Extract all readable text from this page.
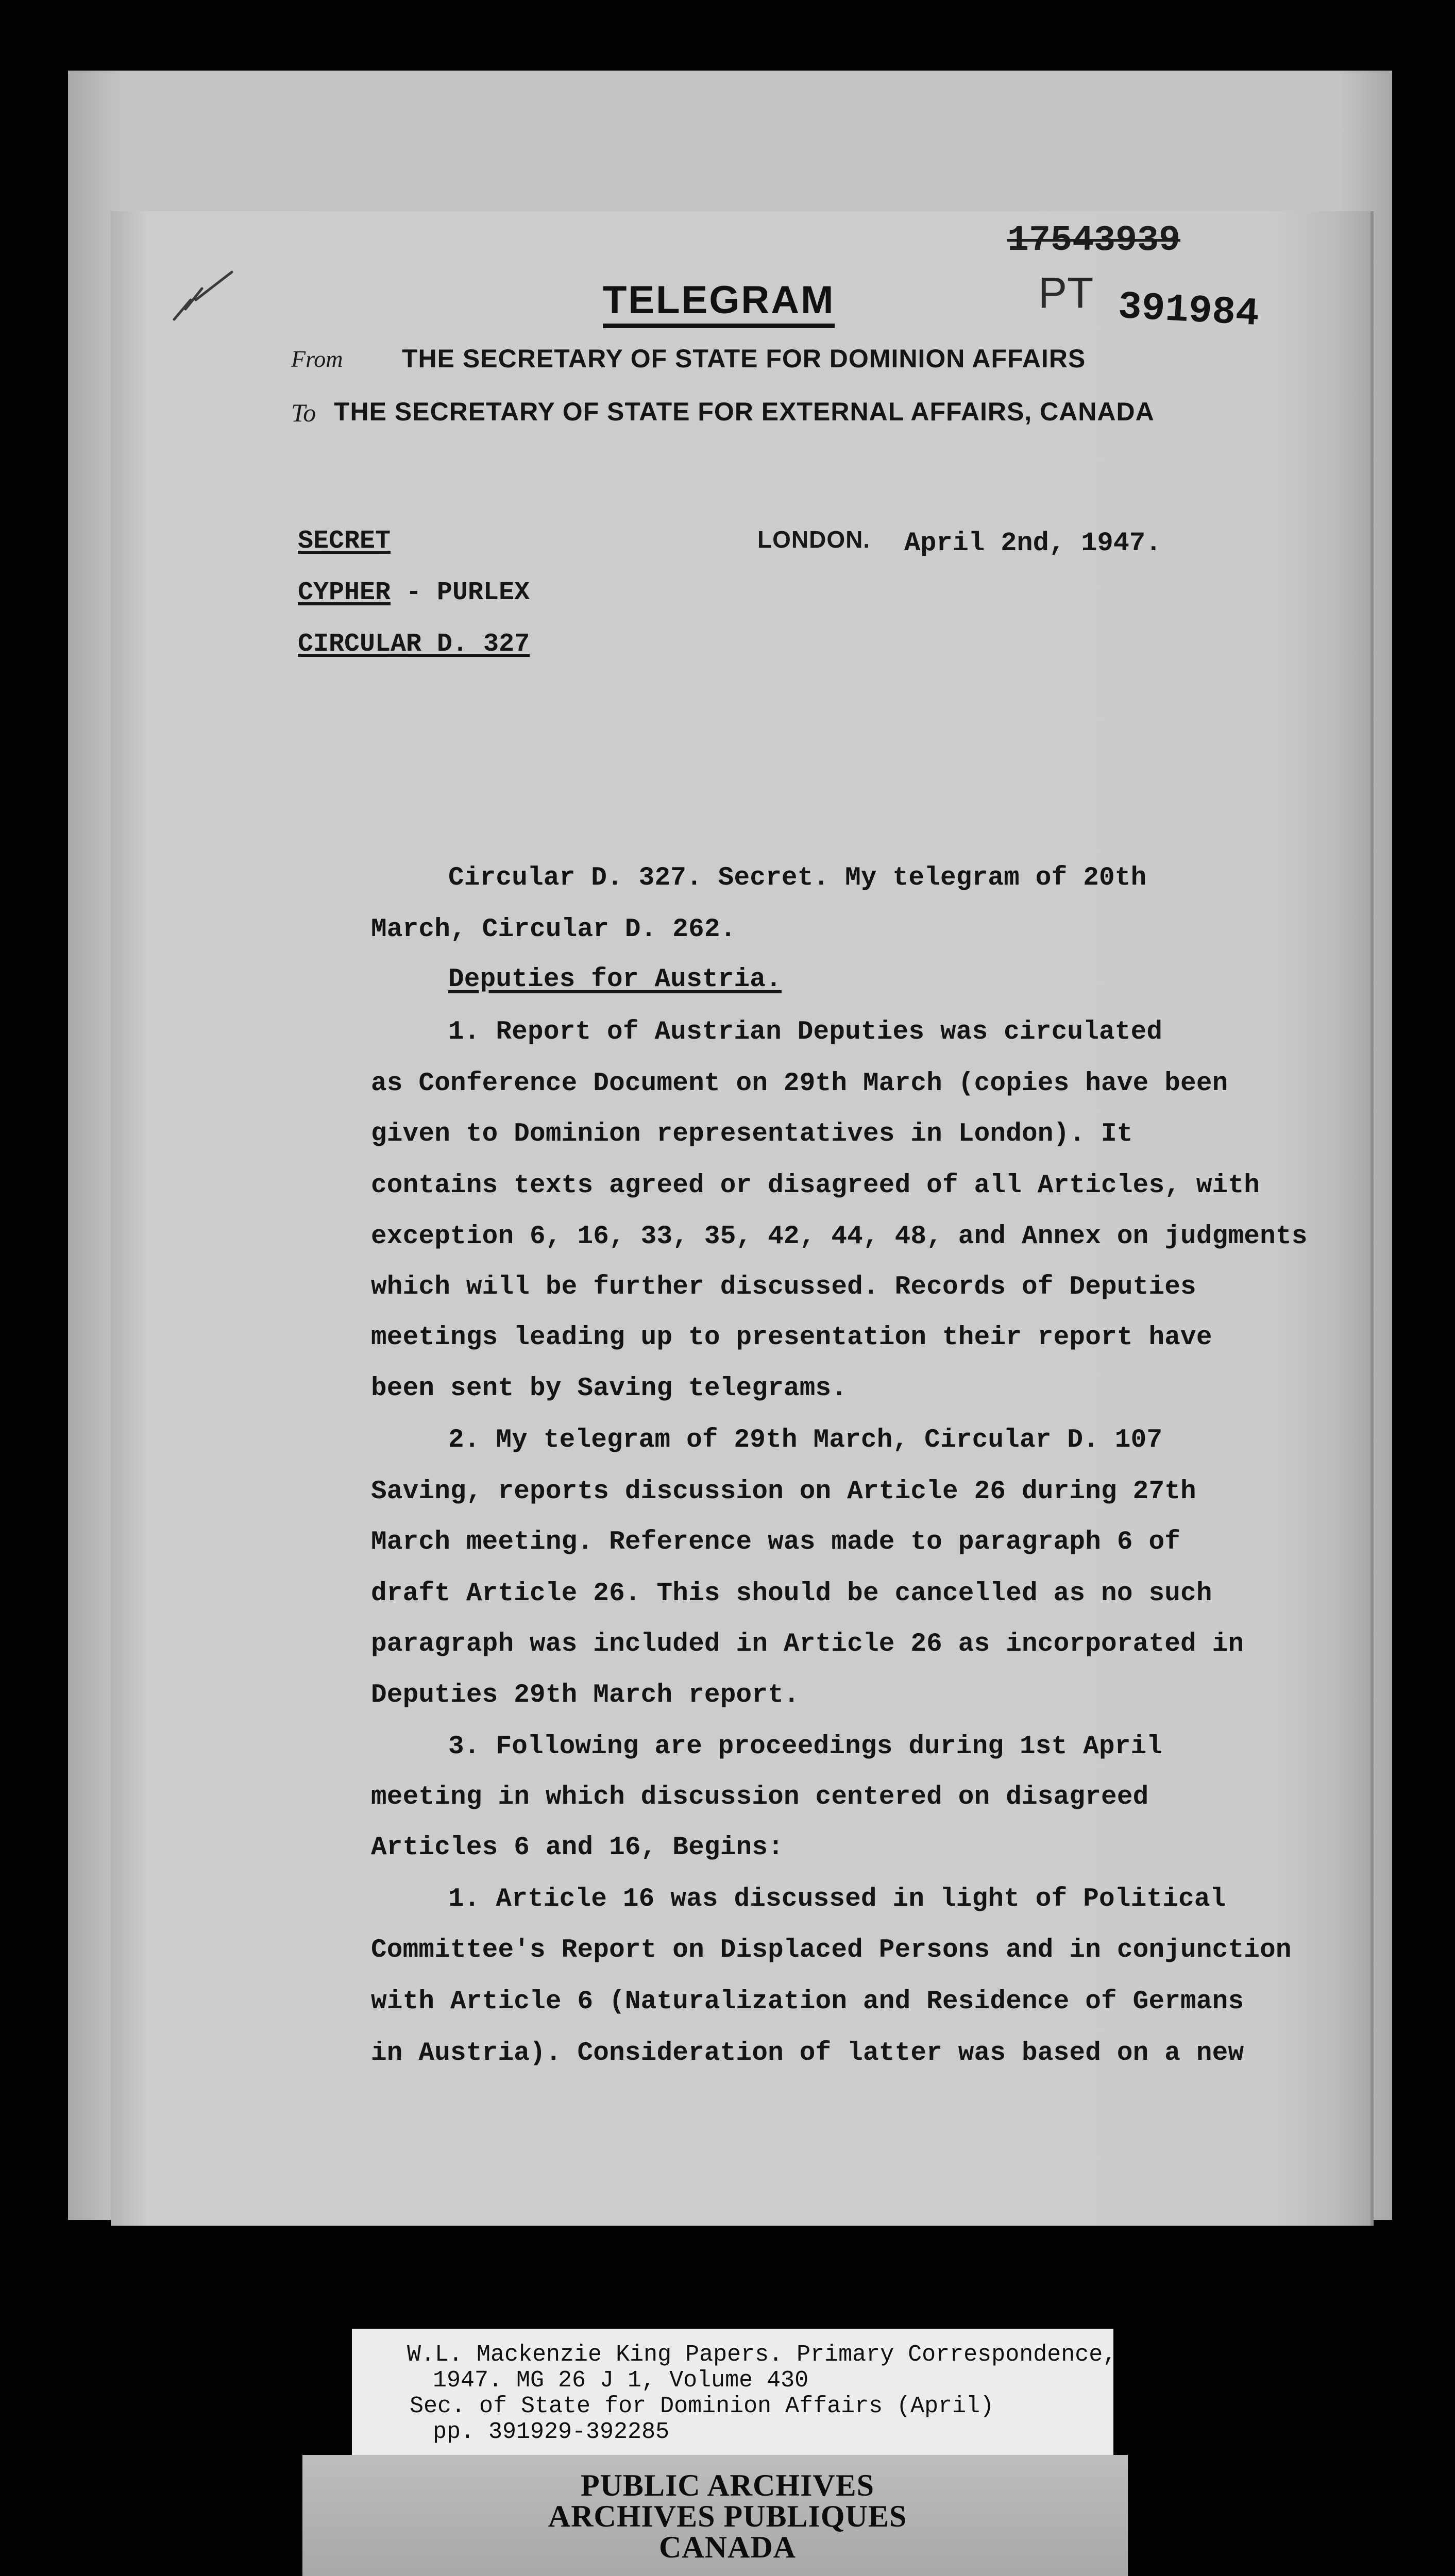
17543939
PT 391984
TELEGRAM
From THE SECRETARY OF STATE FOR DOMINION AFFAIRS
To THE SECRETARY OF STATE FOR EXTERNAL AFFAIRS, CANADA
SECRET
CYPHER - PURLEX
CIRCULAR D. 327
LONDON. April 2nd, 1947.
Circular D. 327. Secret. My telegram of 20th
March, Circular D. 262.
Deputies for Austria.
1. Report of Austrian Deputies was circulated
as Conference Document on 29th March (copies have been
given to Dominion representatives in London). It
contains texts agreed or disagreed of all Articles, with
exception 6, 16, 33, 35, 42, 44, 48, and Annex on judgments
which will be further discussed. Records of Deputies
meetings leading up to presentation their report have
been sent by Saving telegrams.
2. My telegram of 29th March, Circular D. 107
Saving, reports discussion on Article 26 during 27th
March meeting. Reference was made to paragraph 6 of
draft Article 26. This should be cancelled as no such
paragraph was included in Article 26 as incorporated in
Deputies 29th March report.
3. Following are proceedings during 1st April
meeting in which discussion centered on disagreed
Articles 6 and 16, Begins:
1. Article 16 was discussed in light of Political
Committee's Report on Displaced Persons and in conjunction
with Article 6 (Naturalization and Residence of Germans
in Austria). Consideration of latter was based on a new
W.L. Mackenzie King Papers. Primary Correspondence,
1947. MG 26 J 1, Volume 430
Sec. of State for Dominion Affairs (April)
pp. 391929-392285
PUBLIC ARCHIVES
ARCHIVES PUBLIQUES
CANADA
